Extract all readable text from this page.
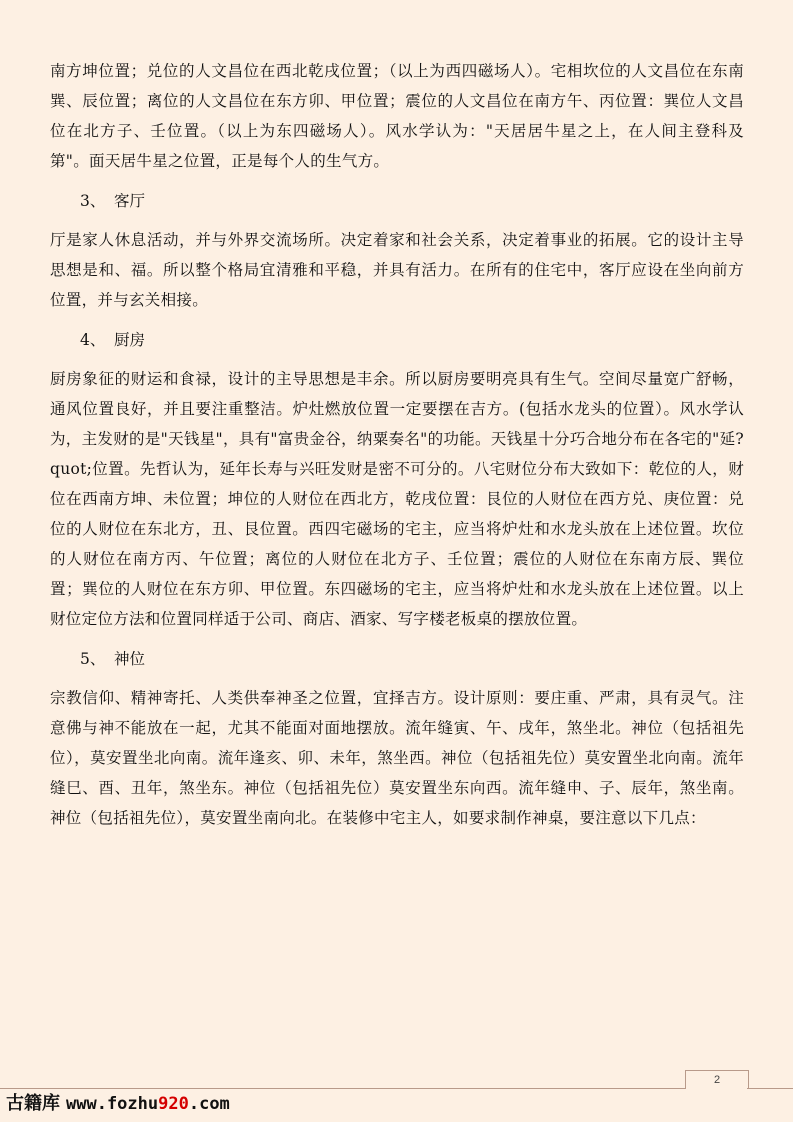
南方坤位置；兑位的人文昌位在西北乾戌位置；（以上为西四磁场人）。宅相坎位的人文昌位在东南巽、辰位置；离位的人文昌位在东方卯、甲位置；震位的人文昌位在南方午、丙位置：巽位人文昌位在北方子、壬位置。（以上为东四磁场人）。风水学认为："天居居牛星之上，在人间主登科及第"。面天居牛星之位置，正是每个人的生气方。

3、 客厅

厅是家人休息活动，并与外界交流场所。决定着家和社会关系，决定着事业的拓展。它的设计主导思想是和、福。所以整个格局宜清雅和平稳，并具有活力。在所有的住宅中，客厅应设在坐向前方位置，并与玄关相接。

4、 厨房

厨房象征的财运和食禄，设计的主导思想是丰余。所以厨房要明亮具有生气。空间尽量宽广舒畅，通风位置良好，并且要注重整洁。炉灶燃放位置一定要摆在吉方。(包括水龙头的位置）。风水学认为，主发财的是"天钱星"，具有"富贵金谷，纳粟奏名"的功能。天钱星十分巧合地分布在各宅的"延?quot;位置。先哲认为，延年长寿与兴旺发财是密不可分的。八宅财位分布大致如下：乾位的人，财位在西南方坤、未位置；坤位的人财位在西北方，乾戌位置：艮位的人财位在西方兑、庚位置：兑位的人财位在东北方，丑、艮位置。西四宅磁场的宅主，应当将炉灶和水龙头放在上述位置。坎位的人财位在南方丙、午位置；离位的人财位在北方子、壬位置；震位的人财位在东南方辰、巽位置；巽位的人财位在东方卯、甲位置。东四磁场的宅主，应当将炉灶和水龙头放在上述位置。以上财位定位方法和位置同样适于公司、商店、酒家、写字楼老板桌的摆放位置。

5、 神位

宗教信仰、精神寄托、人类供奉神圣之位置，宜择吉方。设计原则：要庄重、严肃，具有灵气。注意佛与神不能放在一起，尤其不能面对面地摆放。流年缝寅、午、戌年，煞坐北。神位（包括祖先位），莫安置坐北向南。流年逢亥、卯、未年，煞坐西。神位（包括祖先位）莫安置坐北向南。流年缝巳、酉、丑年，煞坐东。神位（包括祖先位）莫安置坐东向西。流年缝申、子、辰年，煞坐南。神位（包括祖先位），莫安置坐南向北。在装修中宅主人，如要求制作神桌，要注意以下几点：

2
古籍库 www.fozhu920.com
